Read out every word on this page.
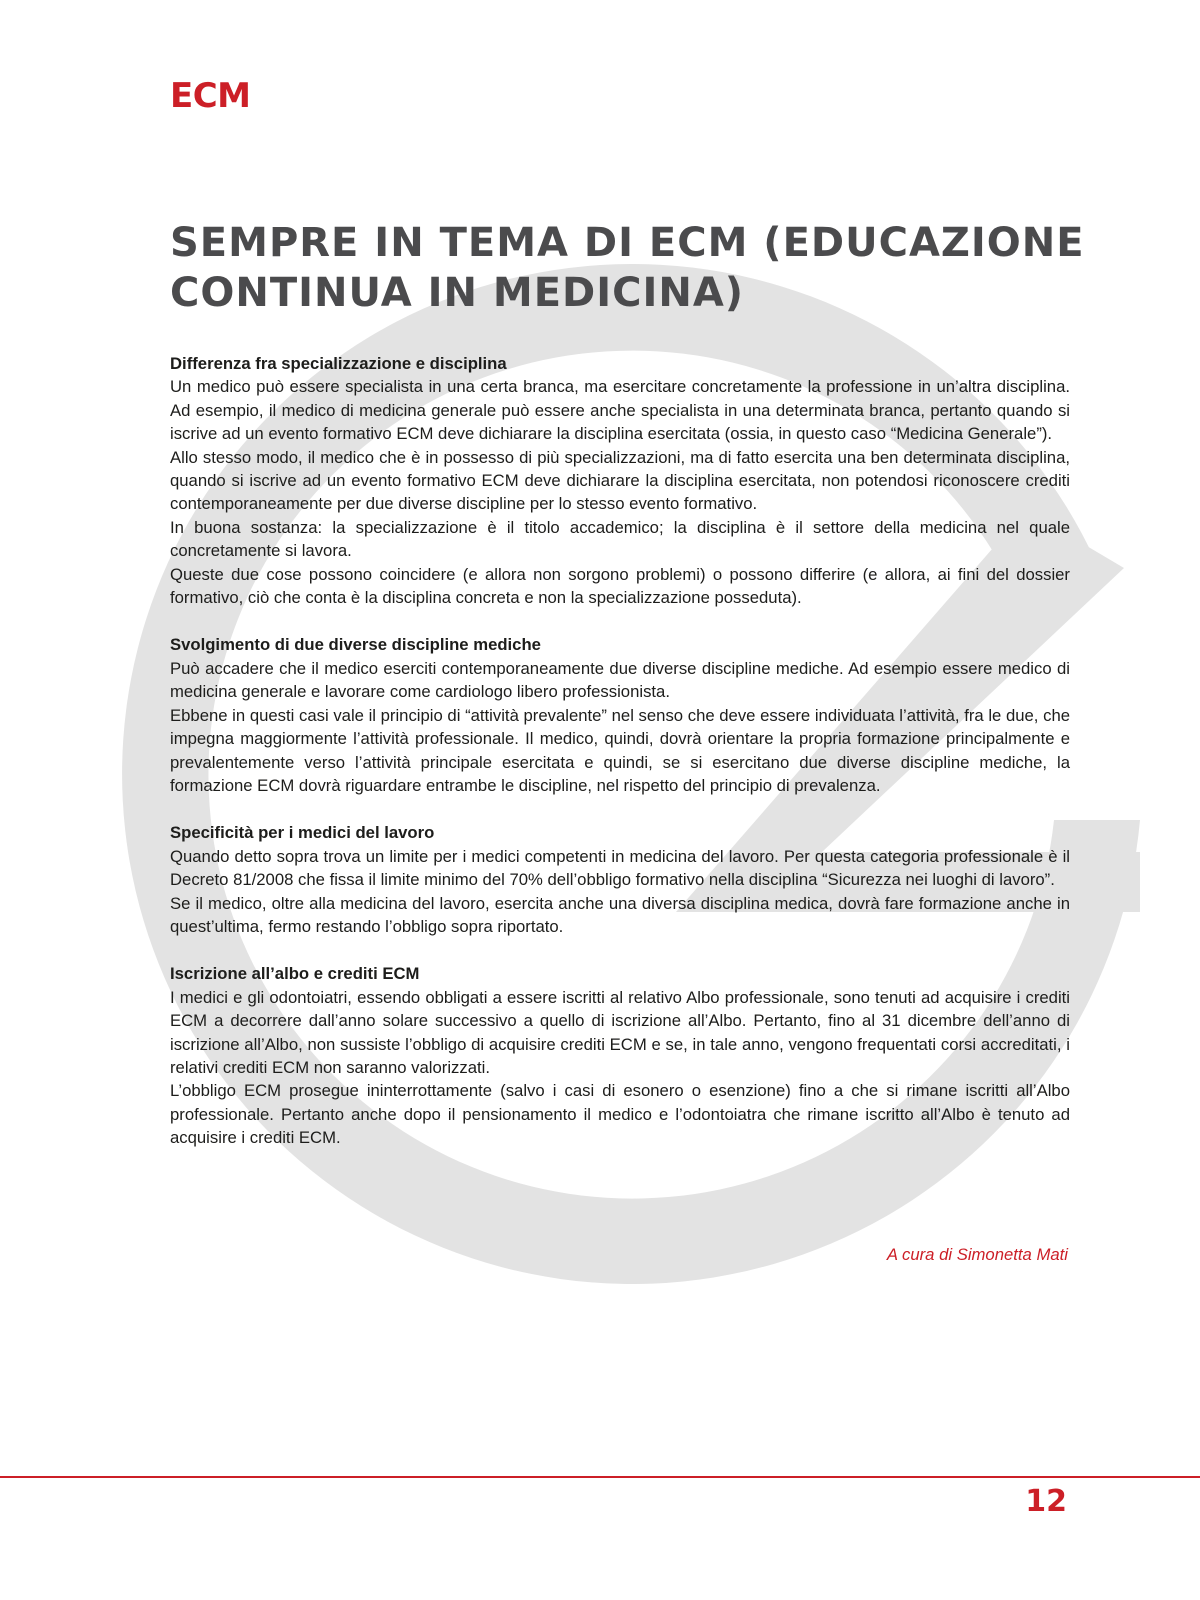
ECM
SEMPRE IN TEMA DI ECM (EDUCAZIONE CONTINUA IN MEDICINA)
Differenza fra specializzazione e disciplina

Un medico può essere specialista in una certa branca, ma esercitare concretamente la professione in un’altra disciplina. Ad esempio, il medico di medicina generale può essere anche specialista in una determinata branca, pertanto quando si iscrive ad un evento formativo ECM deve dichiarare la disciplina esercitata (ossia, in questo caso “Medicina Generale”).

Allo stesso modo, il medico che è in possesso di più specializzazioni, ma di fatto esercita una ben determinata disciplina, quando si iscrive ad un evento formativo ECM deve dichiarare la disciplina esercitata, non potendosi riconoscere crediti contemporaneamente per due diverse discipline per lo stesso evento formativo.

In buona sostanza: la specializzazione è il titolo accademico; la disciplina è il settore della medicina nel quale concretamente si lavora.

Queste due cose possono coincidere (e allora non sorgono problemi) o possono differire (e allora, ai fini del dossier formativo, ciò che conta è la disciplina concreta e non la specializzazione posseduta).

Svolgimento di due diverse discipline mediche

Può accadere che il medico eserciti contemporaneamente due diverse discipline mediche. Ad esempio essere medico di medicina generale e lavorare come cardiologo libero professionista.

Ebbene in questi casi vale il principio di “attività prevalente” nel senso che deve essere individuata l’attività, fra le due, che impegna maggiormente l’attività professionale. Il medico, quindi, dovrà orientare la propria formazione principalmente e prevalentemente verso l’attività principale esercitata e quindi, se si esercitano due diverse discipline mediche, la formazione ECM dovrà riguardare entrambe le discipline, nel rispetto del principio di prevalenza.

Specificità per i medici del lavoro

Quando detto sopra trova un limite per i medici competenti in medicina del lavoro. Per questa categoria professionale è il Decreto 81/2008 che fissa il limite minimo del 70% dell’obbligo formativo nella disciplina “Sicurezza nei luoghi di lavoro”.

Se il medico, oltre alla medicina del lavoro, esercita anche una diversa disciplina medica, dovrà fare formazione anche in quest’ultima, fermo restando l’obbligo sopra riportato.

Iscrizione all’albo e crediti ECM

I medici e gli odontoiatri, essendo obbligati a essere iscritti al relativo Albo professionale, sono tenuti ad acquisire i crediti ECM a decorrere dall’anno solare successivo a quello di iscrizione all’Albo. Pertanto, fino al 31 dicembre dell’anno di iscrizione all’Albo, non sussiste l’obbligo di acquisire crediti ECM e se, in tale anno, vengono frequentati corsi accreditati, i relativi crediti ECM non saranno valorizzati.

L’obbligo ECM prosegue ininterrottamente (salvo i casi di esonero o esenzione) fino a che si rimane iscritti all’Albo professionale. Pertanto anche dopo il pensionamento il medico e l’odontoiatra che rimane iscritto all’Albo è tenuto ad acquisire i crediti ECM.

A cura di Simonetta Mati
12
